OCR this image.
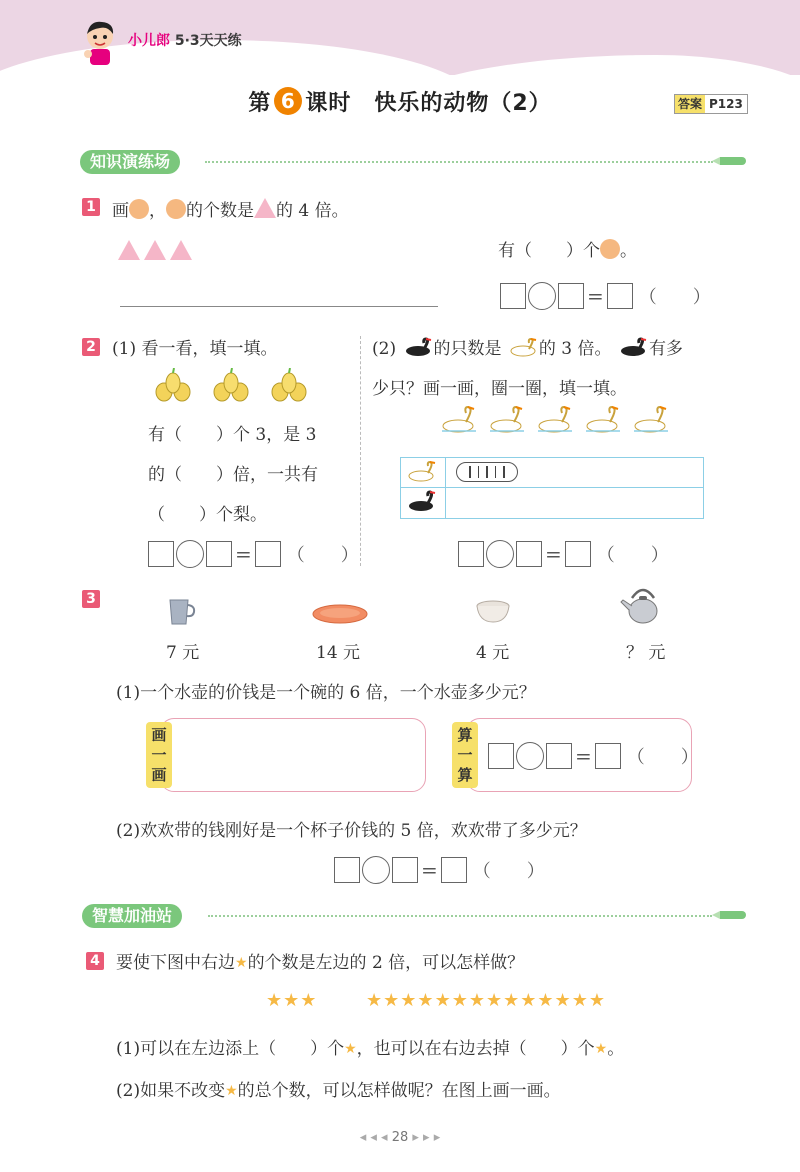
小儿郎 5·3天天练
第 6 课时　快乐的动物（2）	答案 P123
知识演练场
1 画 ， 的个数是 的 4 倍。
有（　　）个 。
= （　　）
2 (1) 看一看，填一填。
有（　　）个 3，是 3
的（　　）倍，一共有
（　　）个梨。
= （　　）
(2) 的只数是 的 3 倍。 有多
少只？画一画，圈一圈，填一填。
= （　　）
3
7 元	14 元	4 元	？ 元
(1)一个水壶的价钱是一个碗的 6 倍，一个水壶多少元？
画
一
画
算
一
算
= （　　）
(2)欢欢带的钱刚好是一个杯子价钱的 5 倍，欢欢带了多少元？
= （　　）
智慧加油站
4 要使下图中右边★的个数是左边的 2 倍，可以怎样做？
★ ★ ★	★ ★ ★ ★ ★ ★ ★ ★ ★ ★ ★ ★ ★ ★
(1)可以在左边添上（　　）个★，也可以在右边去掉（　　）个★。
(2)如果不改变★的总个数，可以怎样做呢？在图上画一画。
◂ ◂ ◂ 28 ▸ ▸ ▸
